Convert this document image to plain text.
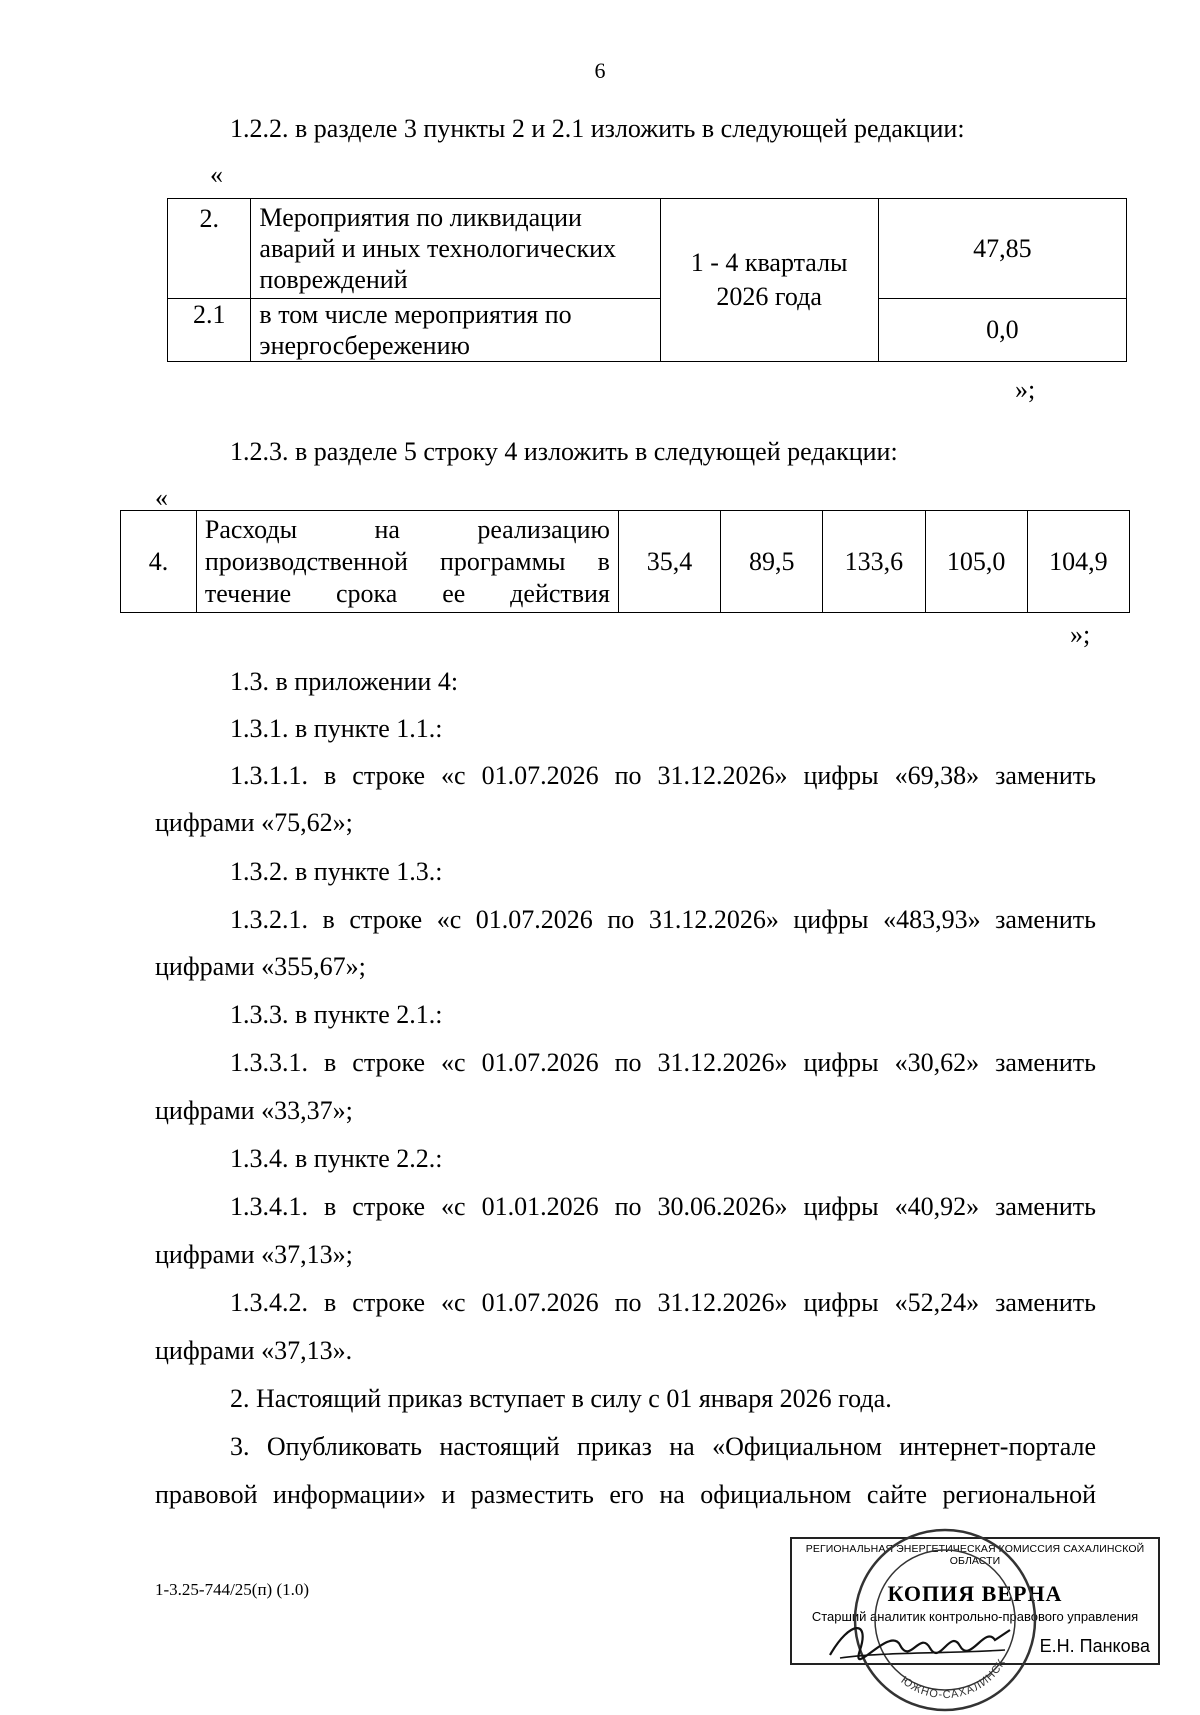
6
1.2.2. в разделе 3 пункты 2 и 2.1 изложить в следующей редакции:
«
2.	Мероприятия по ликвидации аварий и иных технологических повреждений	1 - 4 кварталы 2026 года	47,85
2.1	в том числе мероприятия по энергосбережению		0,0
»;
1.2.3. в разделе 5 строку 4 изложить в следующей редакции:
«
4.	Расходы на реализацию производственной программы в течение срока ее действия	35,4	89,5	133,6	105,0	104,9
»;
1.3. в приложении 4:
1.3.1. в пункте 1.1.:
1.3.1.1. в строке «с 01.07.2026 по 31.12.2026» цифры «69,38» заменить
цифрами «75,62»;
1.3.2. в пункте 1.3.:
1.3.2.1. в строке «с 01.07.2026 по 31.12.2026» цифры «483,93» заменить
цифрами «355,67»;
1.3.3. в пункте 2.1.:
1.3.3.1. в строке «с 01.07.2026 по 31.12.2026» цифры «30,62» заменить
цифрами «33,37»;
1.3.4. в пункте 2.2.:
1.3.4.1. в строке «с 01.01.2026 по 30.06.2026» цифры «40,92» заменить
цифрами «37,13»;
1.3.4.2. в строке «с 01.07.2026 по 31.12.2026» цифры «52,24» заменить
цифрами «37,13».
2. Настоящий приказ вступает в силу с 01 января 2026 года.
3. Опубликовать настоящий приказ на «Официальном интернет-портале
правовой информации» и разместить его на официальном сайте региональной
1-3.25-744/25(п) (1.0)
РЕГИОНАЛЬНАЯ ЭНЕРГЕТИЧЕСКАЯ КОМИССИЯ САХАЛИНСКОЙ ОБЛАСТИ
КОПИЯ ВЕРНА
Старший аналитик контрольно-правового управления
Е.Н. Панкова
ЮЖНО-САХАЛИНСК
